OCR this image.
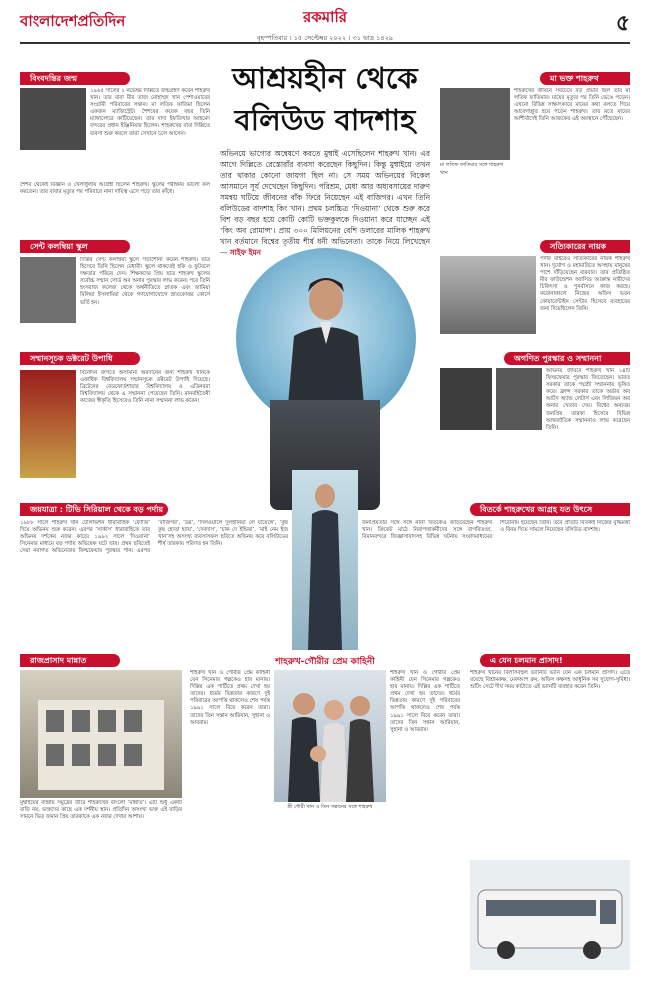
বাংলাদেশপ্রতিদিন	রকমারি
বৃহস্পতিবার । ১৫ সেপ্টেম্বর ২০২২ । ৩১ ভাদ্র ১৪২৯
৫
বিংবদন্তির জন্ম
১৯৬৫ সালের ২ নভেম্বর দিল্লিতে জন্মগ্রহণ করেন শাহরুখ খান। তার বাবা মীর তাজ মোহাম্মদ খান পেশাওয়ারের সংগ্রামী পরিবারের সন্তান। মা লতিফ ফাতিমা ছিলেন একজন ম্যাজিস্ট্রেট। শৈশবের কয়েক বছর তিনি ম্যাঙ্গালোরে কাটিয়েছেন। তার দাদা ইফতিখার আহমেদ বন্দরের প্রধান ইঞ্জিনিয়ার ছিলেন। শাহরুখের বাবা দিল্লিতে ব্যবসা শুরু করলে তারা সেখানে চলে আসেন।
শৈশব থেকেই বিজ্ঞান ও খেলাধুলায় আগ্রহী ছিলেন শাহরুখ। স্কুলের পরীক্ষায় ভালো ফল করতেন। তার বাবার মৃত্যুর পর পরিবারে নানা দায়িত্ব এসে পড়ে তার কাঁধে।
সেন্ট কলম্বিয়া স্কুল
দিল্লির সেন্ট কলম্বিয়া স্কুলে পড়াশোনা করেন শাহরুখ। ছাত্র হিসেবে তিনি ছিলেন মেধাবী। স্কুলে থাকতেই হকি ও ফুটবলে দক্ষতার পরিচয় দেন। শিক্ষকদের প্রিয় ছাত্র শাহরুখ স্কুলের সর্বোচ্চ সম্মান সোর্ড অব অনার পুরস্কার লাভ করেন। পরে তিনি হংসরাজ কলেজ থেকে অর্থনীতিতে স্নাতক এবং জামিয়া মিলিয়া ইসলামিয়া থেকে গণযোগাযোগে স্নাতকোত্তর কোর্সে ভর্তি হন।
সম্মানসূচক ডক্টরেট উপাধি
বিনোদন জগতে অসামান্য অবদানের জন্য শাহরুখ খানকে একাধিক বিশ্ববিদ্যালয় সম্মানসূচক ডক্টরেট উপাধি দিয়েছে। ব্রিটেনের বেডফোর্ডশায়ার বিশ্ববিদ্যালয় ও এডিনবরা বিশ্ববিদ্যালয় থেকে এ সম্মাননা পেয়েছেন তিনি। মানবহিতৈষী কাজের স্বীকৃতি হিসেবেও তিনি নানা সম্মাননা লাভ করেন।
আশ্রয়হীন থেকে
বলিউড বাদশাহ
অভিনয়ে ভাগ্যের অন্বেষণে করতে মুম্বাই এসেছিলেন শাহরুখ খান। এর আগে দিল্লিতে রেস্তোরাঁর ব্যবসা করেছেন কিছুদিন। কিন্তু মুম্বাইয়ে তখন তার থাকার কোনো জায়গা ছিল না। সে সময় অভিনয়ের বিকেল আসমানে সূর্য দেখেছেন কিছুদিন। পরিশ্রম, মেধা আর অধ্যবসায়ের দারুণ সমন্বয় ঘটিয়ে জীবনের বাঁক ফিরে নিয়েছেন এই বাজিগর। এখন তিনি বলিউডের বাদশাহ কিং খান। প্রথম চলচ্চিত্র ‘দিওয়ানা’ থেকে শুরু করে বিশ বড় বছর হয়ে কোটি কোটি ভক্তকুলকে দিওয়ানা করে যাচ্ছেন এই ‘কিং অব রোমান্স’। প্রায় ৩০০ মিলিয়নের বেশি ডলারের মালিক শাহরুখ খান বর্তমানে বিশ্বের তৃতীয় শীর্ষ ধনী অভিনেতা। তাকে নিয়ে লিখেছেন — সাইফ ইমন
মা ভক্ত শাহরুখ
মা লতিফ ফাতিমার সঙ্গে শাহরুখ খান
শাহরুখের জীবনে সবচেয়ে বড় প্রভাব ছিল তার মা লতিফ ফাতিমার। মায়ের মৃত্যুর পর তিনি ভেঙে পড়েন। এখনো বিভিন্ন সাক্ষাৎকারে মায়ের কথা বলতে গিয়ে আবেগাপ্লুত হয়ে পড়েন শাহরুখ। তার মতে মায়ের আশীর্বাদেই তিনি আজকের এই অবস্থানে পৌঁছেছেন।
সত্যিকারের নায়ক
পর্দার বাইরেও সত্যিকারের নায়ক শাহরুখ খান। দুর্যোগ ও মহামারিতে অসহায় মানুষের পাশে দাঁড়িয়েছেন বারবার। তার প্রতিষ্ঠিত মীর ফাউন্ডেশন অ্যাসিড আক্রান্ত নারীদের চিকিৎসা ও পুনর্বাসনে কাজ করছে। করোনাকালে নিজের অফিস ভবন কোয়ারেন্টাইন সেন্টার হিসেবে ব্যবহারের জন্য দিয়েছিলেন তিনি।
অগণিত পুরস্কার ও সম্মাননা
অভিনয় জীবনে শাহরুখ খান ১৪টি ফিল্মফেয়ার পুরস্কার জিতেছেন। ভারত সরকার তাকে পদ্মশ্রী সম্মাননায় ভূষিত করে। ফ্রান্স সরকার তাকে অর্ডার অব আর্টস অ্যান্ড লেটার্স এবং লিজিয়ন অব অনার খেতাব দেয়। বিশ্বের অন্যতম জনপ্রিয় তারকা হিসেবে বিভিন্ন আন্তর্জাতিক সম্মাননাও লাভ করেছেন তিনি।
জয়যাত্রা : টিভি সিরিয়াল থেকে বড় পর্দায়
১৯৮৮ সালে শাহরুখ খান টেলিভিশন ধারাবাহিক ‘ফৌজি’ দিয়ে অভিনয় শুরু করেন। এরপর ‘সার্কাস’ ধারাবাহিকে তার অভিনয় দর্শকের নজর কাড়ে। ১৯৯২ সালে ‘দিওয়ানা’ সিনেমার মাধ্যমে বড় পর্দায় অভিষেক ঘটে তার। প্রথম ছবিতেই সেরা নবাগত অভিনেতার ফিল্মফেয়ার পুরস্কার পান। এরপর ‘বাজিগর’, ‘ডর’, ‘দিলওয়ালে দুলহানিয়া লে যায়েঙ্গে’, ‘কুছ কুছ হোতা হ্যায়’, ‘দেবদাস’, ‘চাক দে ইন্ডিয়া’, ‘মাই নেম ইজ খান’সহ অসংখ্য ব্যবসাসফল ছবিতে অভিনয় করে বলিউডের শীর্ষ তারকায় পরিণত হন তিনি।
বিতর্কে শাহরুখের আগ্রহ যত উৎসে
জনপ্রিয়তার সঙ্গে সঙ্গে নানা বিতর্কেও জড়িয়েছেন শাহরুখ খান। ক্রিকেট মাঠে নিরাপত্তাকর্মীদের সঙ্গে বাগবিতণ্ডা, বিমানবন্দরে জিজ্ঞাসাবাদসহ বিভিন্ন ঘটনায় সংবাদমাধ্যমের শিরোনাম হয়েছেন তিনি। তবে প্রতিটি বিতর্কই নিজের বুদ্ধিমত্তা ও বিনয় দিয়ে সামলে নিয়েছেন বলিউড বাদশাহ।
রাজপ্রাসাদ মান্নাত
মুম্বাইয়ের বান্দ্রায় সমুদ্রের তীরে শাহরুখের বাংলো ‘মান্নাত’। এটি শুধু একটি বাড়ি নয়, ভক্তদের কাছে এক দর্শনীয় স্থান। প্রতিদিন অসংখ্য ভক্ত এই বাড়ির সামনে ভিড় জমান প্রিয় তারকাকে এক নজর দেখার আশায়।
শাহরুখ-গৌরীর প্রেম কাহিনী
শাহরুখ খান ও গৌরীর প্রেম কাহিনী যেন সিনেমার গল্পকেও হার মানায়। দিল্লির এক পার্টিতে প্রথম দেখা হয় তাদের। ধর্মের ভিন্নতার কারণে দুই পরিবারের আপত্তি থাকলেও শেষ পর্যন্ত ১৯৯১ সালে বিয়ে করেন তারা। তাদের তিন সন্তান আরিয়ান, সুহানা ও আবরাম।
স্ত্রী গৌরী খান ও তিন সন্তানের সঙ্গে শাহরুখ
শাহরুখ খান ও গৌরীর প্রেম কাহিনী যেন সিনেমার গল্পকেও হার মানায়। দিল্লির এক পার্টিতে প্রথম দেখা হয় তাদের। ধর্মের ভিন্নতার কারণে দুই পরিবারের আপত্তি থাকলেও শেষ পর্যন্ত ১৯৯১ সালে বিয়ে করেন তারা। তাদের তিন সন্তান আরিয়ান, সুহানা ও আবরাম।
এ যেন চলমান প্রাসাদ!
শাহরুখ খানের বিলাসবহুল ভ্যানিটি ভ্যান যেন এক চলমান প্রাসাদ। এতে রয়েছে বিশ্রামকক্ষ, মেকআপ রুম, অফিস কক্ষসহ আধুনিক সব সুযোগ-সুবিধা। শুটিং সেটে দীর্ঘ সময় কাটাতে এই ভ্যানটি ব্যবহার করেন তিনি।
